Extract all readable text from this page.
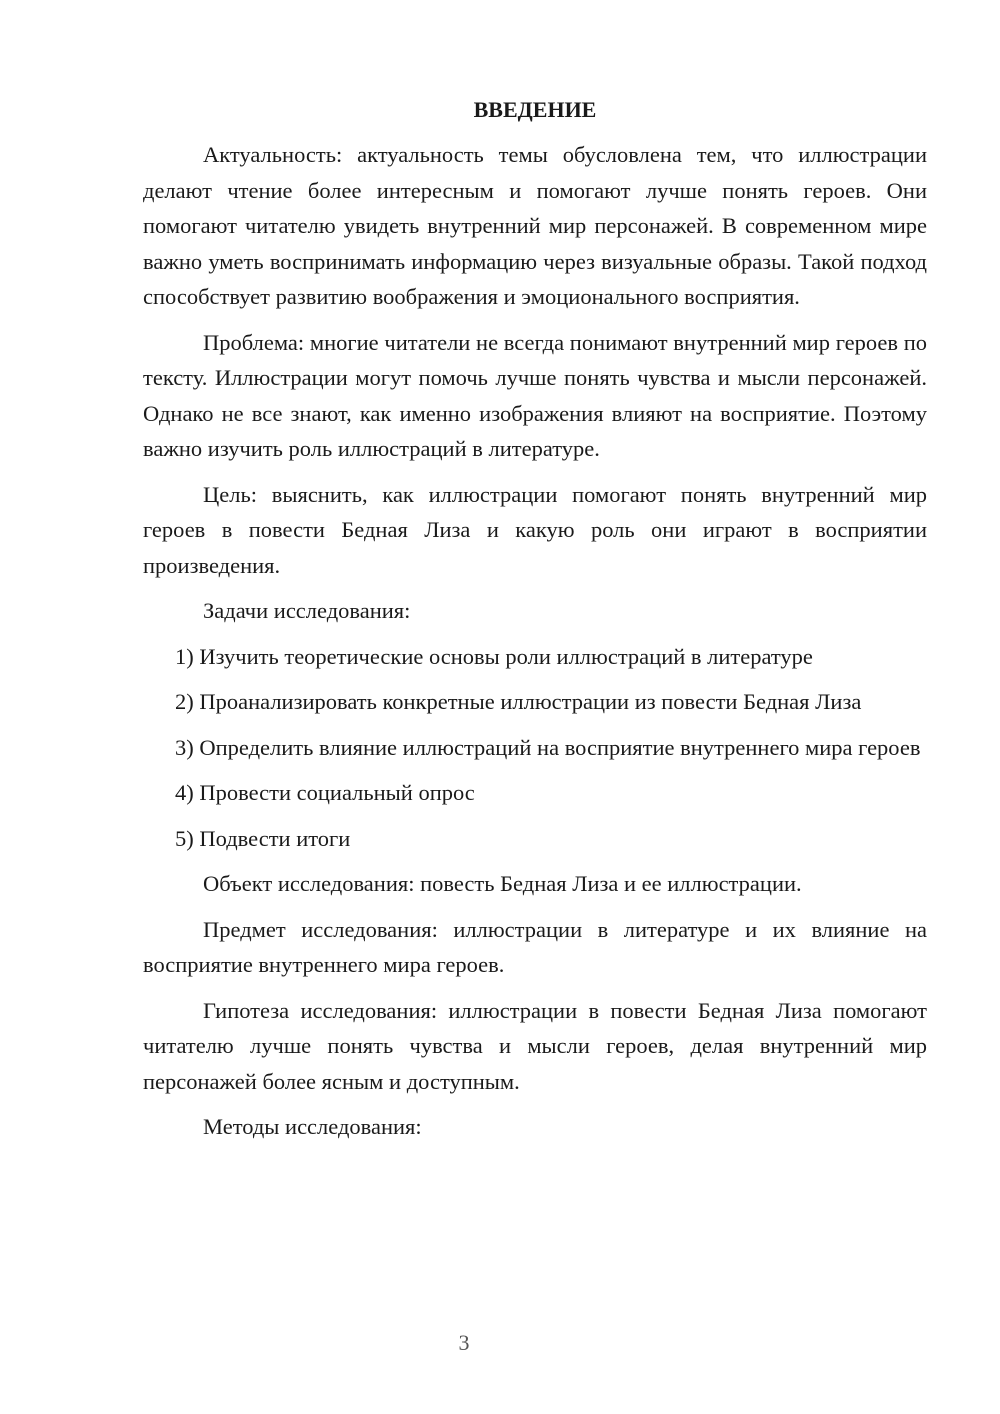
ВВЕДЕНИЕ

Актуальность: актуальность темы обусловлена тем, что иллюстрации делают чтение более интересным и помогают лучше понять героев. Они помогают читателю увидеть внутренний мир персонажей. В современном мире важно уметь воспринимать информацию через визуальные образы. Такой подход способствует развитию воображения и эмоционального восприятия.

Проблема: многие читатели не всегда понимают внутренний мир героев по тексту. Иллюстрации могут помочь лучше понять чувства и мысли персонажей. Однако не все знают, как именно изображения влияют на восприятие. Поэтому важно изучить роль иллюстраций в литературе.

Цель: выяснить, как иллюстрации помогают понять внутренний мир героев в повести Бедная Лиза и какую роль они играют в восприятии произведения.

Задачи исследования:

1) Изучить теоретические основы роли иллюстраций в литературе

2) Проанализировать конкретные иллюстрации из повести Бедная Лиза

3) Определить влияние иллюстраций на восприятие внутреннего мира героев

4) Провести социальный опрос

5) Подвести итоги

Объект исследования: повесть Бедная Лиза и ее иллюстрации.

Предмет исследования: иллюстрации в литературе и их влияние на восприятие внутреннего мира героев.

Гипотеза исследования: иллюстрации в повести Бедная Лиза помогают читателю лучше понять чувства и мысли героев, делая внутренний мир персонажей более ясным и доступным.

Методы исследования:

3
